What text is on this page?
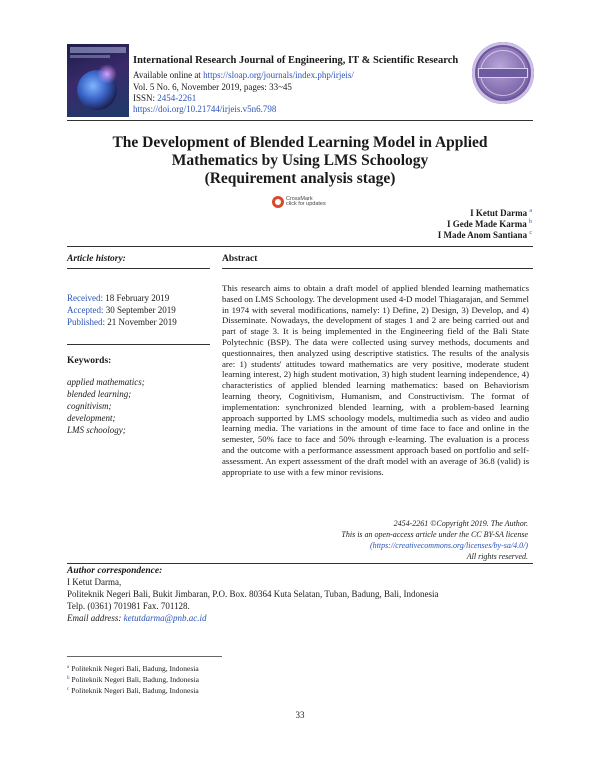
International Research Journal of Engineering, IT & Scientific Research
Available online at https://sloap.org/journals/index.php/irjeis/
Vol. 5 No. 6, November 2019, pages: 33~45
ISSN: 2454-2261
https://doi.org/10.21744/irjeis.v5n6.798
The Development of Blended Learning Model in Applied
Mathematics by Using LMS Schoology
(Requirement analysis stage)
CrossMark
click for updates
I Ketut Darma $^a$
I Gede Made Karma $^b$
I Made Anom Santiana $^c$
Article history:	Abstract
Received: 18 February 2019
Accepted: 30 September 2019
Published: 21 November 2019
Keywords:
applied mathematics;
blended learning;
cognitivism;
development;
LMS schoology;
This research aims to obtain a draft model of applied blended learning mathematics based on LMS Schoology. The development used 4-D model Thiagarajan, and Semmel in 1974 with several modifications, namely: 1) Define, 2) Design, 3) Develop, and 4) Disseminate. Nowadays, the development of stages 1 and 2 are being carried out and part of stage 3. It is being implemented in the Engineering field of the Bali State Polytechnic (BSP). The data were collected using survey methods, documents and questionnaires, then analyzed using descriptive statistics. The results of the analysis are: 1) students' attitudes toward mathematics are very positive, moderate student learning interest, 2) high student motivation, 3) high student learning independence, 4) characteristics of applied blended learning mathematics: based on Behaviorism learning theory, Cognitivism, Humanism, and Constructivism. The format of implementation: synchronized blended learning, with a problem-based learning approach supported by LMS schoology models, multimedia such as video and audio learning media. The variations in the amount of time face to face and online in the semester, 50% face to face and 50% through e-learning. The evaluation is a process and the outcome with a performance assessment approach based on portfolio and self-assessment. An expert assessment of the draft model with an average of 36.8 (valid) is appropriate to use with a few minor revisions.
2454-2261 ©Copyright 2019. The Author.
This is an open-access article under the CC BY-SA license
(https://creativecommons.org/licenses/by-sa/4.0/)
All rights reserved.
Author correspondence:
I Ketut Darma,
Politeknik Negeri Bali, Bukit Jimbaran, P.O. Box. 80364 Kuta Selatan, Tuban, Badung, Bali, Indonesia
Telp. (0361) 701981 Fax. 701128.
Email address: ketutdarma@pnb.ac.id
$^a$ Politeknik Negeri Bali, Badung, Indonesia
$^b$ Politeknik Negeri Bali, Badung, Indonesia
$^c$ Politeknik Negeri Bali, Badung, Indonesia
33
